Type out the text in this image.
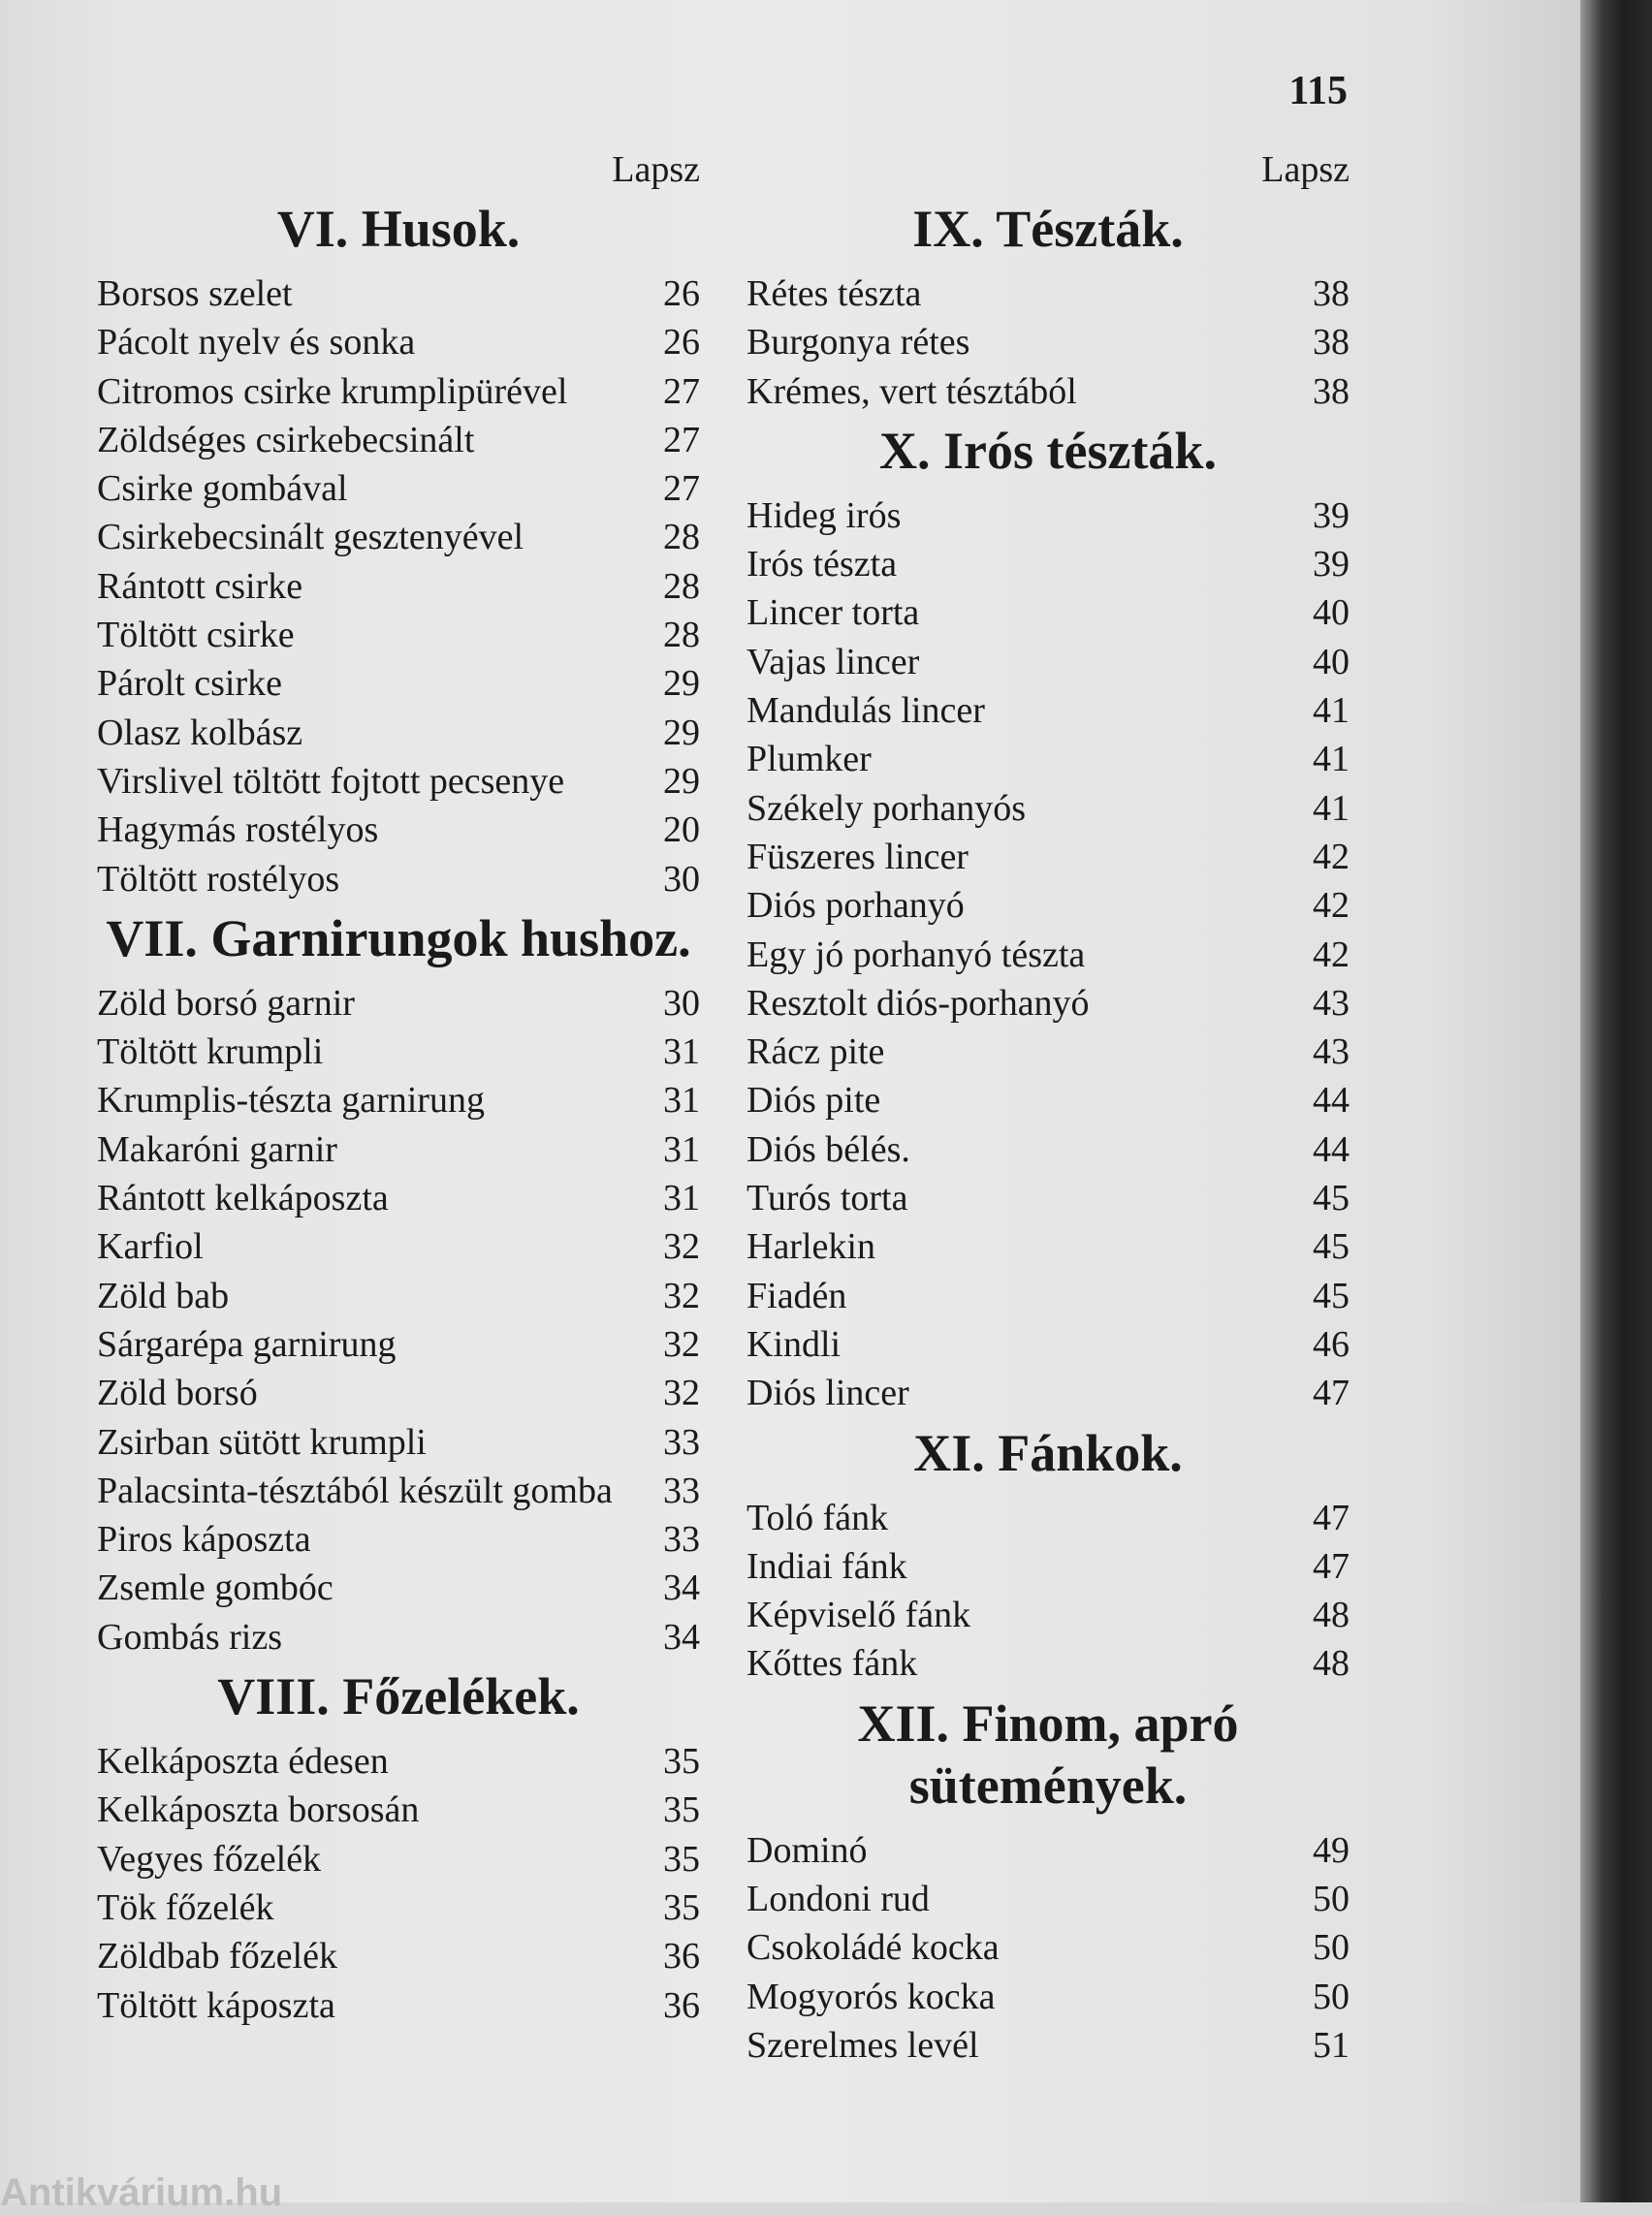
115
Lapsz
VI. Husok.
Borsos szelet	26
Pácolt nyelv és sonka	26
Citromos csirke krumplipürével	27
Zöldséges csirkebecsinált	27
Csirke gombával	27
Csirkebecsinált gesztenyével	28
Rántott csirke	28
Töltött csirke	28
Párolt csirke	29
Olasz kolbász	29
Virslivel töltött fojtott pecsenye	29
Hagymás rostélyos	20
Töltött rostélyos	30
VII. Garnirungok hushoz.
Zöld borsó garnir	30
Töltött krumpli	31
Krumplis-tészta garnirung	31
Makaróni garnir	31
Rántott kelkáposzta	31
Karfiol	32
Zöld bab	32
Sárgarépa garnirung	32
Zöld borsó	32
Zsirban sütött krumpli	33
Palacsinta-tésztából készült gomba	33
Piros káposzta	33
Zsemle gombóc	34
Gombás rizs	34
VIII. Főzelékek.
Kelkáposzta édesen	35
Kelkáposzta borsosán	35
Vegyes főzelék	35
Tök főzelék	35
Zöldbab főzelék	36
Töltött káposzta	36
Lapsz
IX. Tészták.
Rétes tészta	38
Burgonya rétes	38
Krémes, vert tésztából	38
X. Irós tészták.
Hideg irós	39
Irós tészta	39
Lincer torta	40
Vajas lincer	40
Mandulás lincer	41
Plumker	41
Székely porhanyós	41
Füszeres lincer	42
Diós porhanyó	42
Egy jó porhanyó tészta	42
Resztolt diós-porhanyó	43
Rácz pite	43
Diós pite	44
Diós bélés.	44
Turós torta	45
Harlekin	45
Fiadén	45
Kindli	46
Diós lincer	47
XI. Fánkok.
Toló fánk	47
Indiai fánk	47
Képviselő fánk	48
Kőttes fánk	48
XII. Finom, apró sütemények.
Dominó	49
Londoni rud	50
Csokoládé kocka	50
Mogyorós kocka	50
Szerelmes levél	51
Antikvárium.hu
